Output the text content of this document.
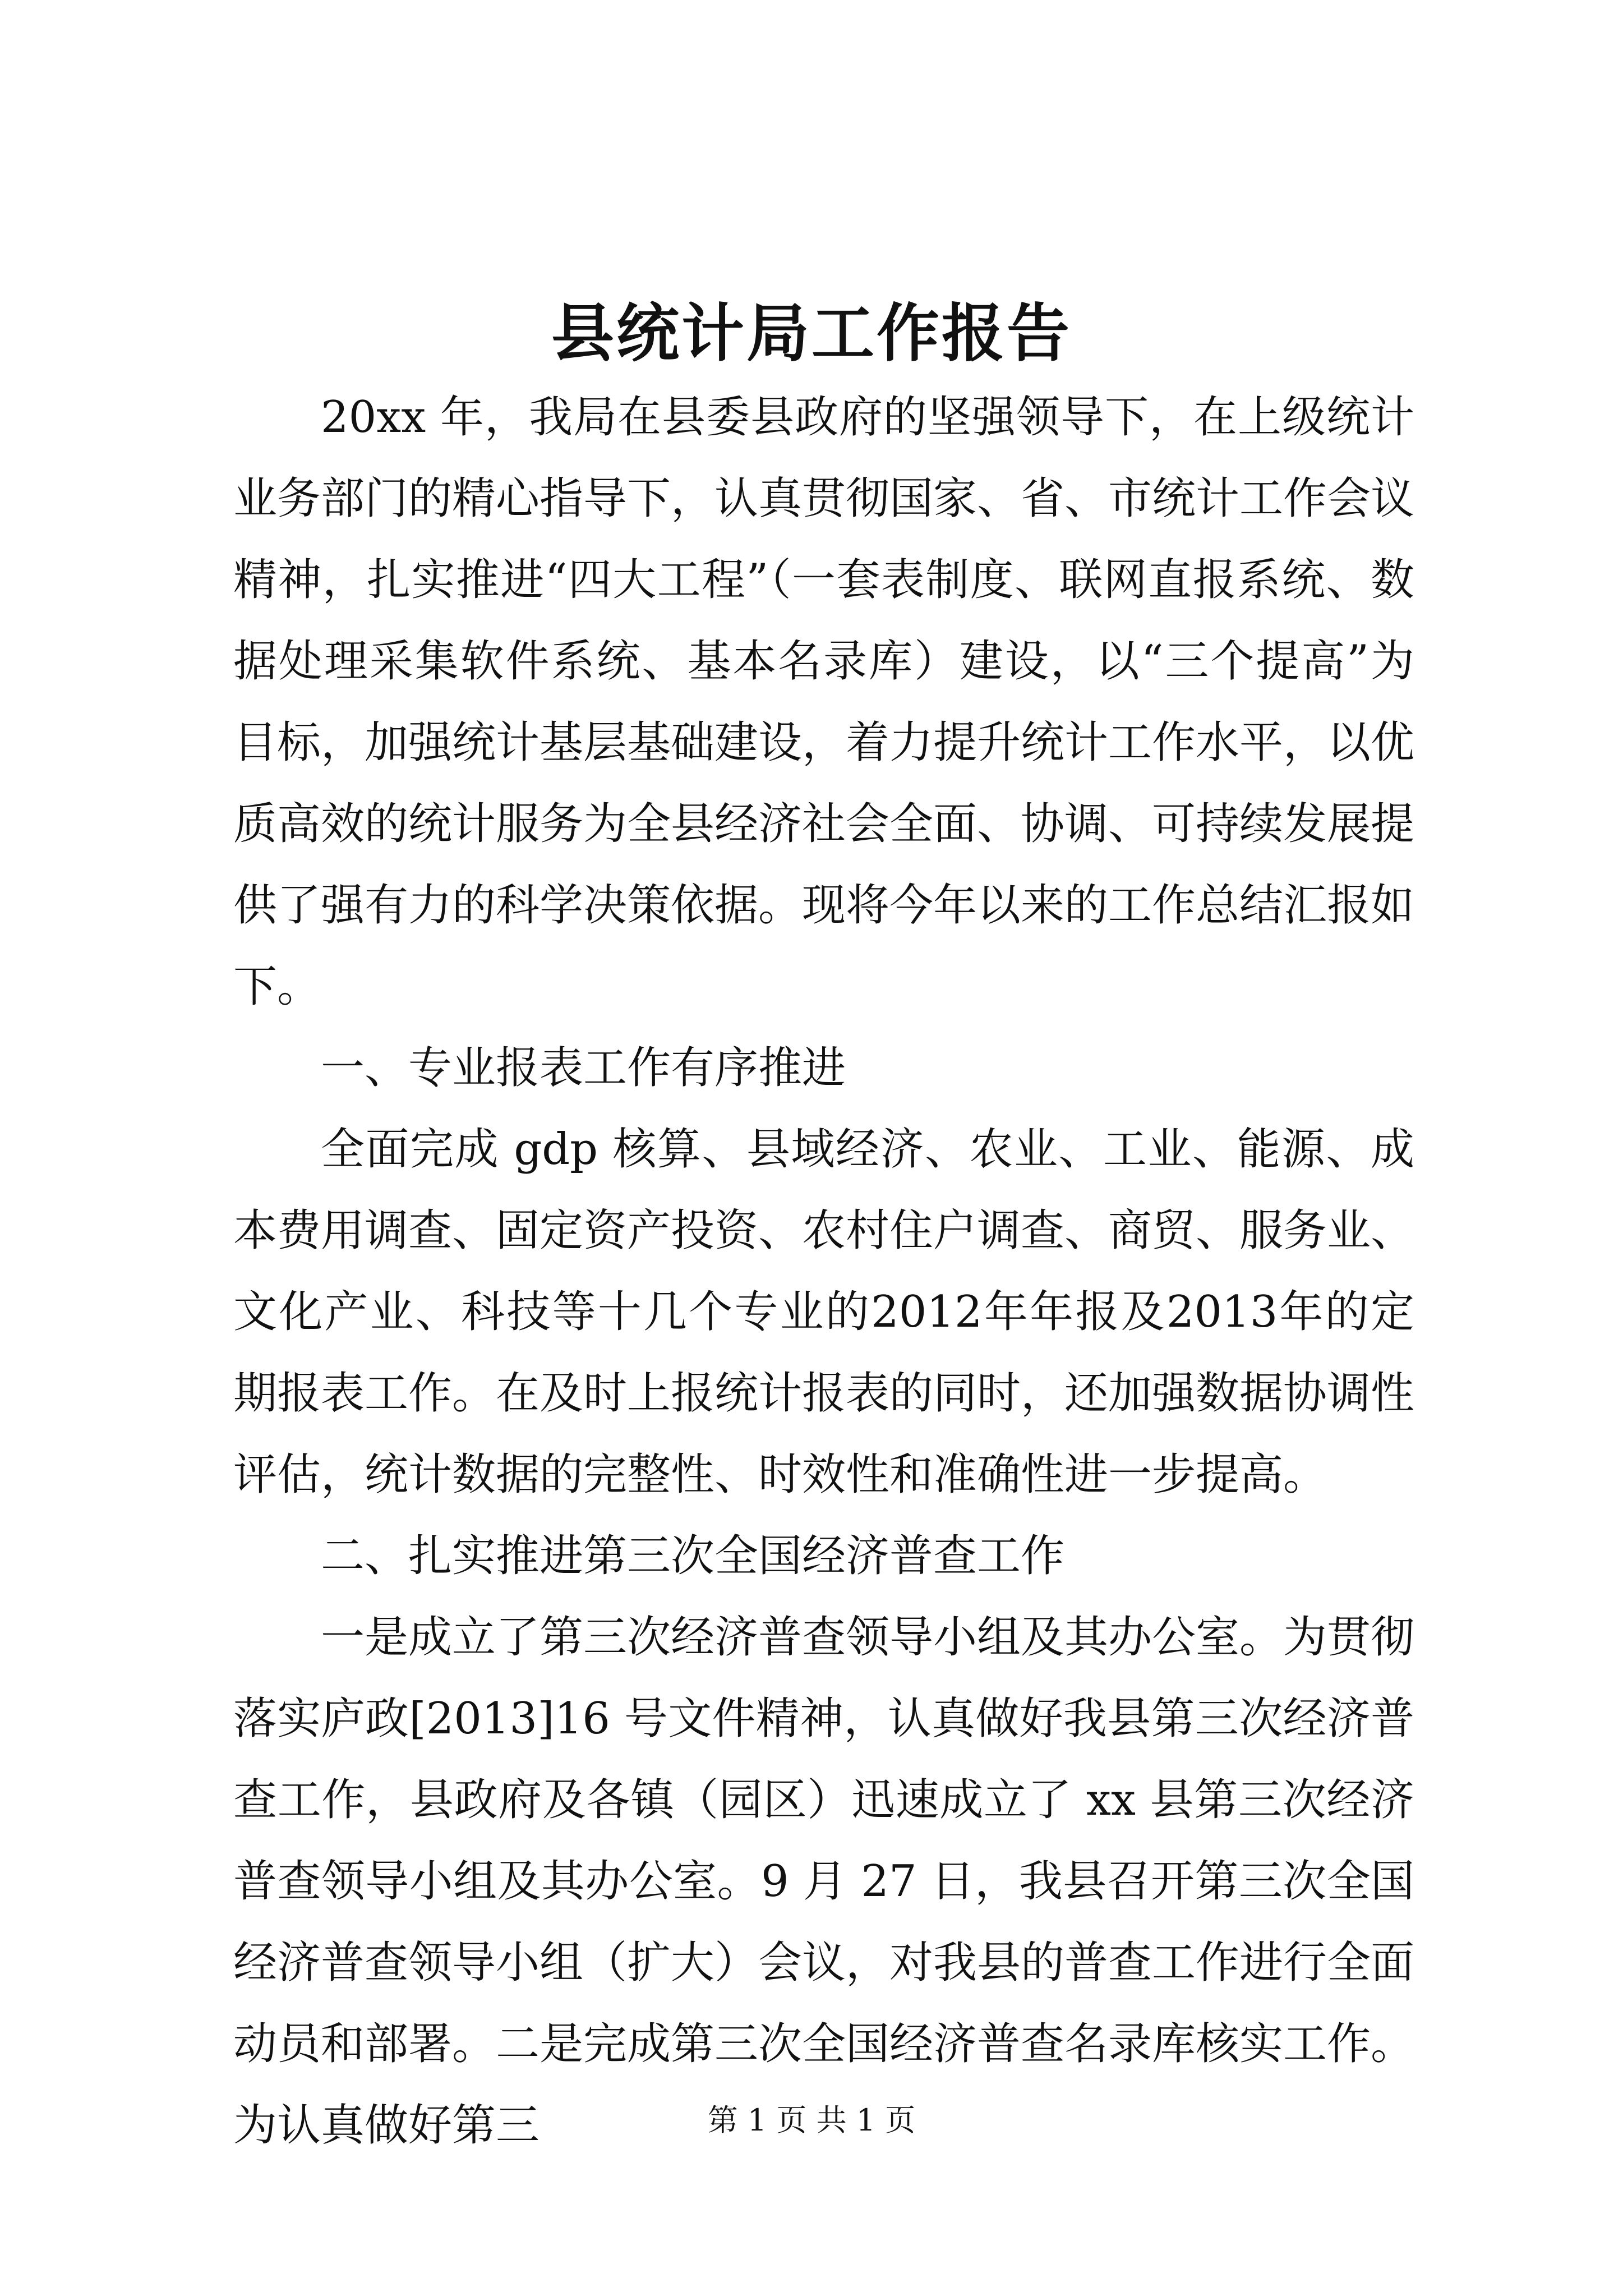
县统计局工作报告

20xx 年，我局在县委县政府的坚强领导下，在上级统计业务部门的精心指导下，认真贯彻国家、省、市统计工作会议精神，扎实推进“四大工程”（一套表制度、联网直报系统、数据处理采集软件系统、基本名录库）建设，以“三个提高”为目标，加强统计基层基础建设，着力提升统计工作水平，以优质高效的统计服务为全县经济社会全面、协调、可持续发展提供了强有力的科学决策依据。现将今年以来的工作总结汇报如下。

一、专业报表工作有序推进

全面完成 gdp 核算、县域经济、农业、工业、能源、成本费用调查、固定资产投资、农村住户调查、商贸、服务业、文化产业、科技等十几个专业的2012年年报及2013年的定期报表工作。在及时上报统计报表的同时，还加强数据协调性评估，统计数据的完整性、时效性和准确性进一步提高。

二、扎实推进第三次全国经济普查工作

一是成立了第三次经济普查领导小组及其办公室。为贯彻落实庐政[2013]16 号文件精神，认真做好我县第三次经济普查工作，县政府及各镇（园区）迅速成立了 xx 县第三次经济普查领导小组及其办公室。9 月 27 日，我县召开第三次全国经济普查领导小组（扩大）会议，对我县的普查工作进行全面动员和部署。二是完成第三次全国经济普查名录库核实工作。为认真做好第三	第 1 页 共 1 页
